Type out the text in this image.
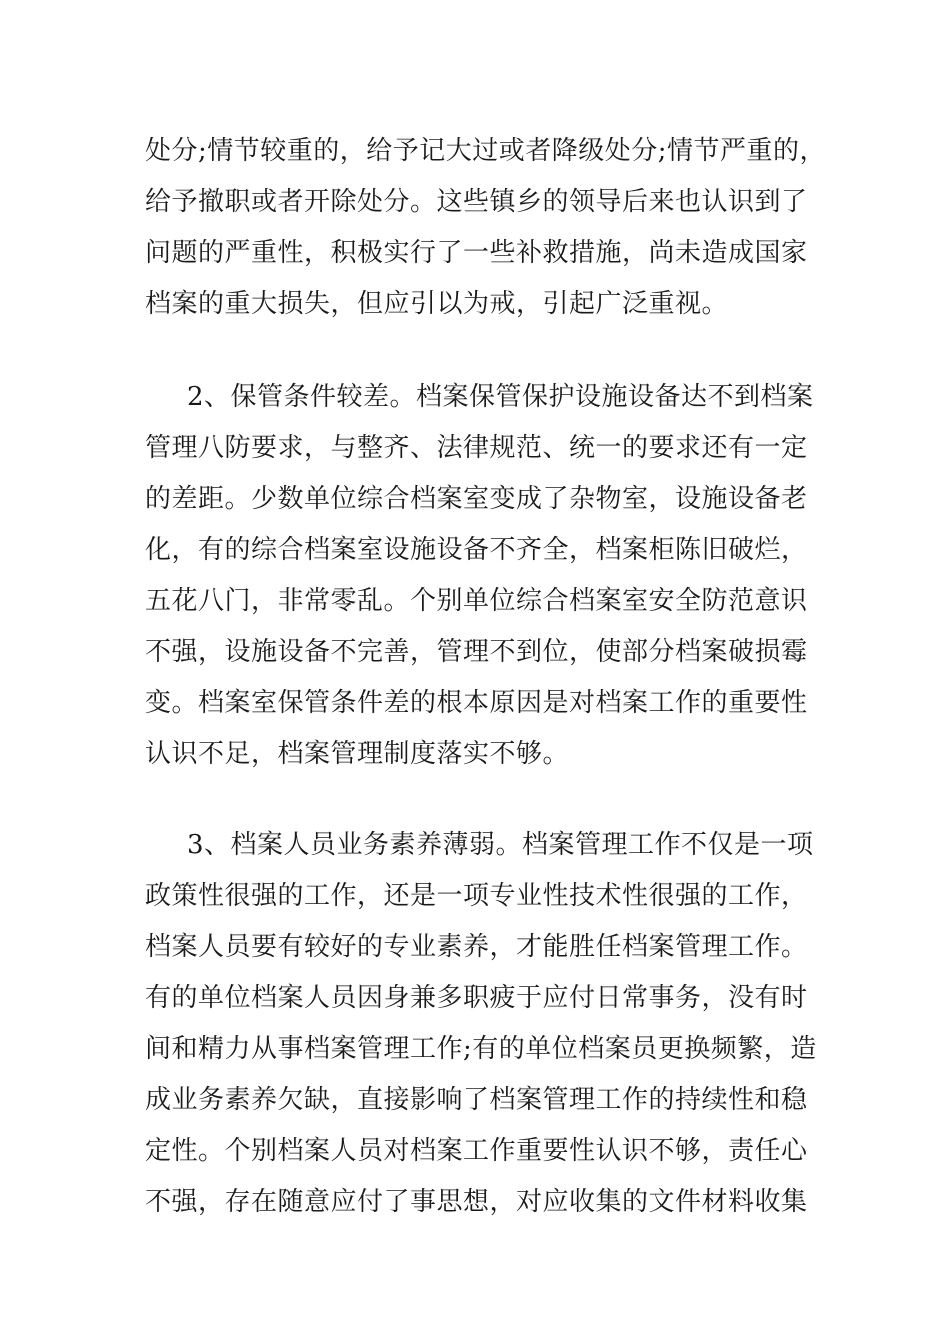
处分;情节较重的，给予记大过或者降级处分;情节严重的，
给予撤职或者开除处分。这些镇乡的领导后来也认识到了
问题的严重性，积极实行了一些补救措施，尚未造成国家
档案的重大损失，但应引以为戒，引起广泛重视。
2、保管条件较差。档案保管保护设施设备达不到档案
管理八防要求，与整齐、法律规范、统一的要求还有一定
的差距。少数单位综合档案室变成了杂物室，设施设备老
化，有的综合档案室设施设备不齐全，档案柜陈旧破烂，
五花八门，非常零乱。个别单位综合档案室安全防范意识
不强，设施设备不完善，管理不到位，使部分档案破损霉
变。档案室保管条件差的根本原因是对档案工作的重要性
认识不足，档案管理制度落实不够。
3、档案人员业务素养薄弱。档案管理工作不仅是一项
政策性很强的工作，还是一项专业性技术性很强的工作，
档案人员要有较好的专业素养，才能胜任档案管理工作。
有的单位档案人员因身兼多职疲于应付日常事务，没有时
间和精力从事档案管理工作;有的单位档案员更换频繁，造
成业务素养欠缺，直接影响了档案管理工作的持续性和稳
定性。个别档案人员对档案工作重要性认识不够，责任心
不强，存在随意应付了事思想，对应收集的文件材料收集
